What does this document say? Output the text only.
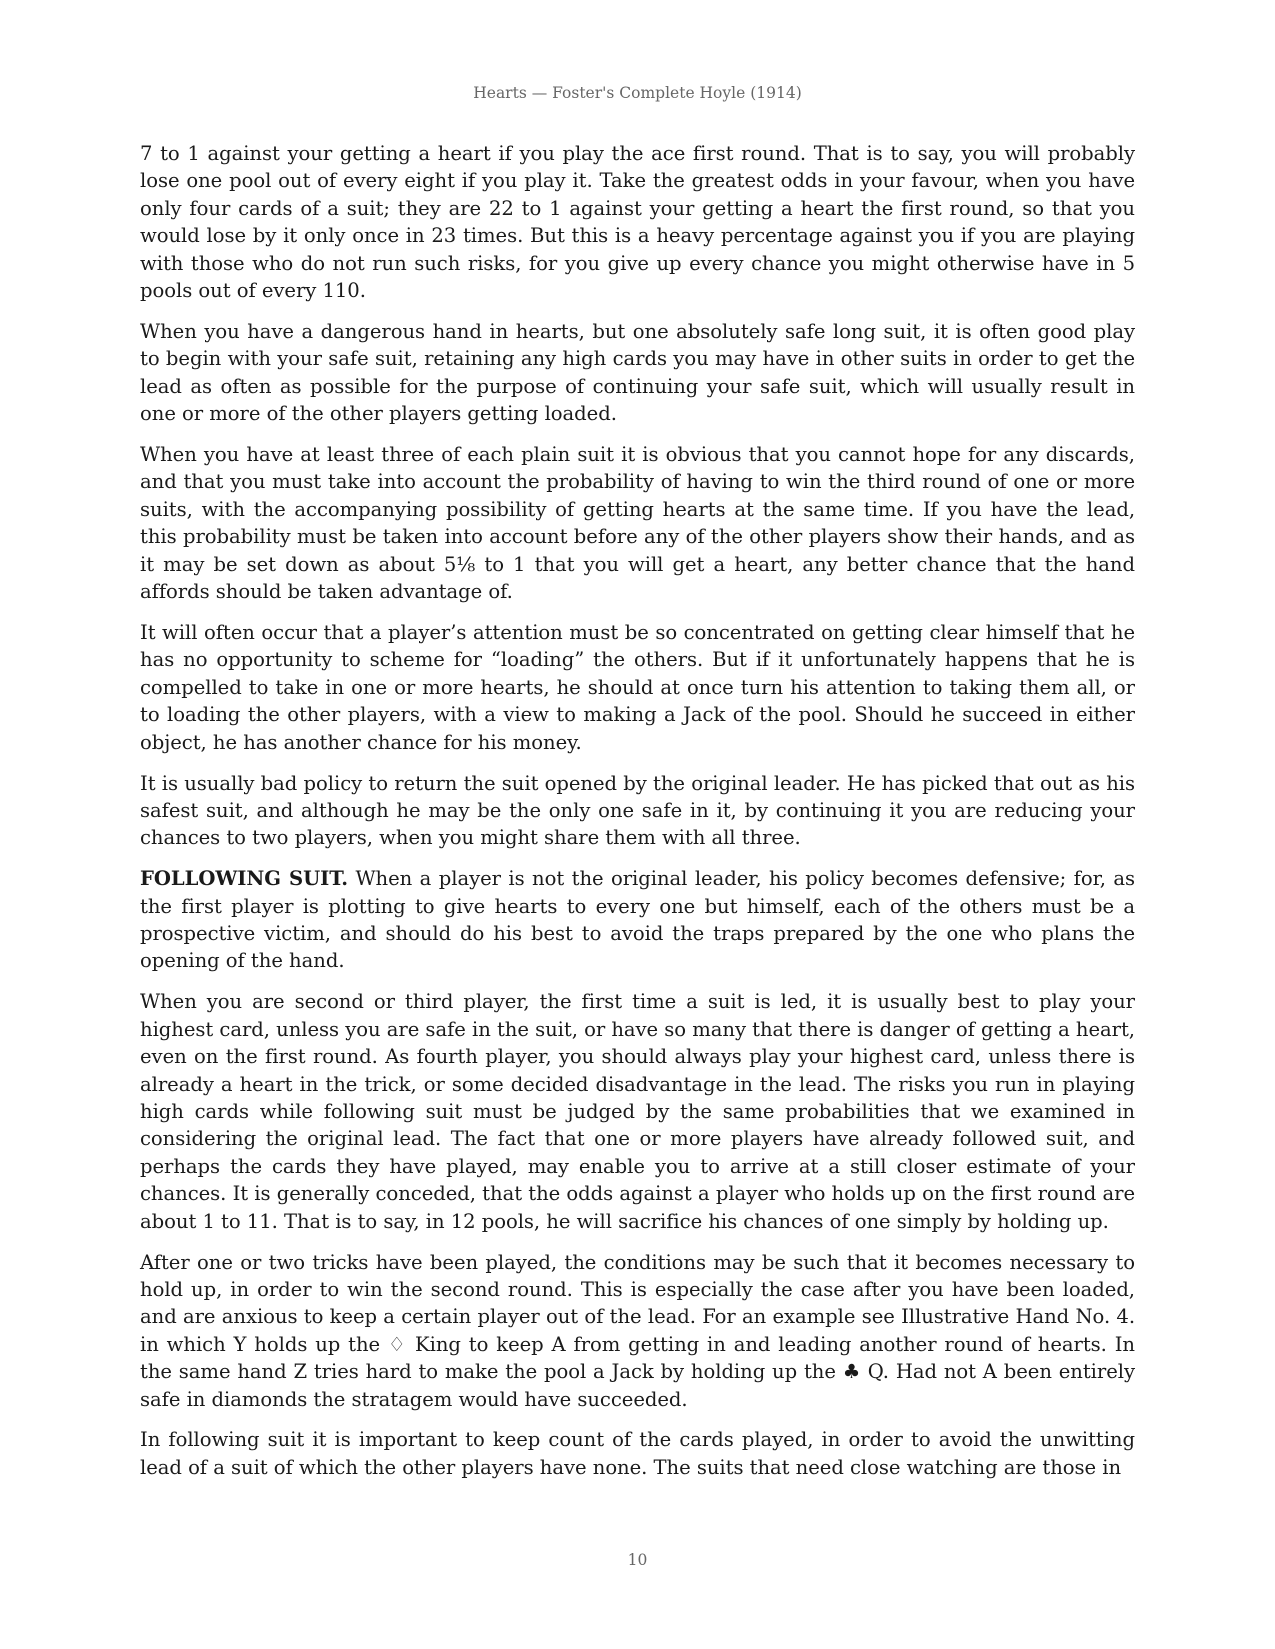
Hearts — Foster's Complete Hoyle (1914)

7 to 1 against your getting a heart if you play the ace first round. That is to say, you will probably lose one pool out of every eight if you play it. Take the greatest odds in your favour, when you have only four cards of a suit; they are 22 to 1 against your getting a heart the first round, so that you would lose by it only once in 23 times. But this is a heavy percentage against you if you are playing with those who do not run such risks, for you give up every chance you might otherwise have in 5 pools out of every 110.

When you have a dangerous hand in hearts, but one absolutely safe long suit, it is often good play to begin with your safe suit, retaining any high cards you may have in other suits in order to get the lead as often as possible for the purpose of continuing your safe suit, which will usually result in one or more of the other players getting loaded.

When you have at least three of each plain suit it is obvious that you cannot hope for any discards, and that you must take into account the probability of having to win the third round of one or more suits, with the accompanying possibility of getting hearts at the same time. If you have the lead, this probability must be taken into account before any of the other players show their hands, and as it may be set down as about 5⅛ to 1 that you will get a heart, any better chance that the hand affords should be taken advantage of.

It will often occur that a player’s attention must be so concentrated on getting clear himself that he has no opportunity to scheme for “loading” the others. But if it unfortunately happens that he is compelled to take in one or more hearts, he should at once turn his attention to taking them all, or to loading the other players, with a view to making a Jack of the pool. Should he succeed in either object, he has another chance for his money.

It is usually bad policy to return the suit opened by the original leader. He has picked that out as his safest suit, and although he may be the only one safe in it, by continuing it you are reducing your chances to two players, when you might share them with all three.

FOLLOWING SUIT. When a player is not the original leader, his policy becomes defensive; for, as the first player is plotting to give hearts to every one but himself, each of the others must be a prospective victim, and should do his best to avoid the traps prepared by the one who plans the opening of the hand.

When you are second or third player, the first time a suit is led, it is usually best to play your highest card, unless you are safe in the suit, or have so many that there is danger of getting a heart, even on the first round. As fourth player, you should always play your highest card, unless there is already a heart in the trick, or some decided disadvantage in the lead. The risks you run in playing high cards while following suit must be judged by the same probabilities that we examined in considering the original lead. The fact that one or more players have already followed suit, and perhaps the cards they have played, may enable you to arrive at a still closer estimate of your chances. It is generally conceded, that the odds against a player who holds up on the first round are about 1 to 11. That is to say, in 12 pools, he will sacrifice his chances of one simply by holding up.

After one or two tricks have been played, the conditions may be such that it becomes necessary to hold up, in order to win the second round. This is especially the case after you have been loaded, and are anxious to keep a certain player out of the lead. For an example see Illustrative Hand No. 4. in which Y holds up the ♢ King to keep A from getting in and leading another round of hearts. In the same hand Z tries hard to make the pool a Jack by holding up the ♣ Q. Had not A been entirely safe in diamonds the stratagem would have succeeded.

In following suit it is important to keep count of the cards played, in order to avoid the unwitting lead of a suit of which the other players have none. The suits that need close watching are those in

10
